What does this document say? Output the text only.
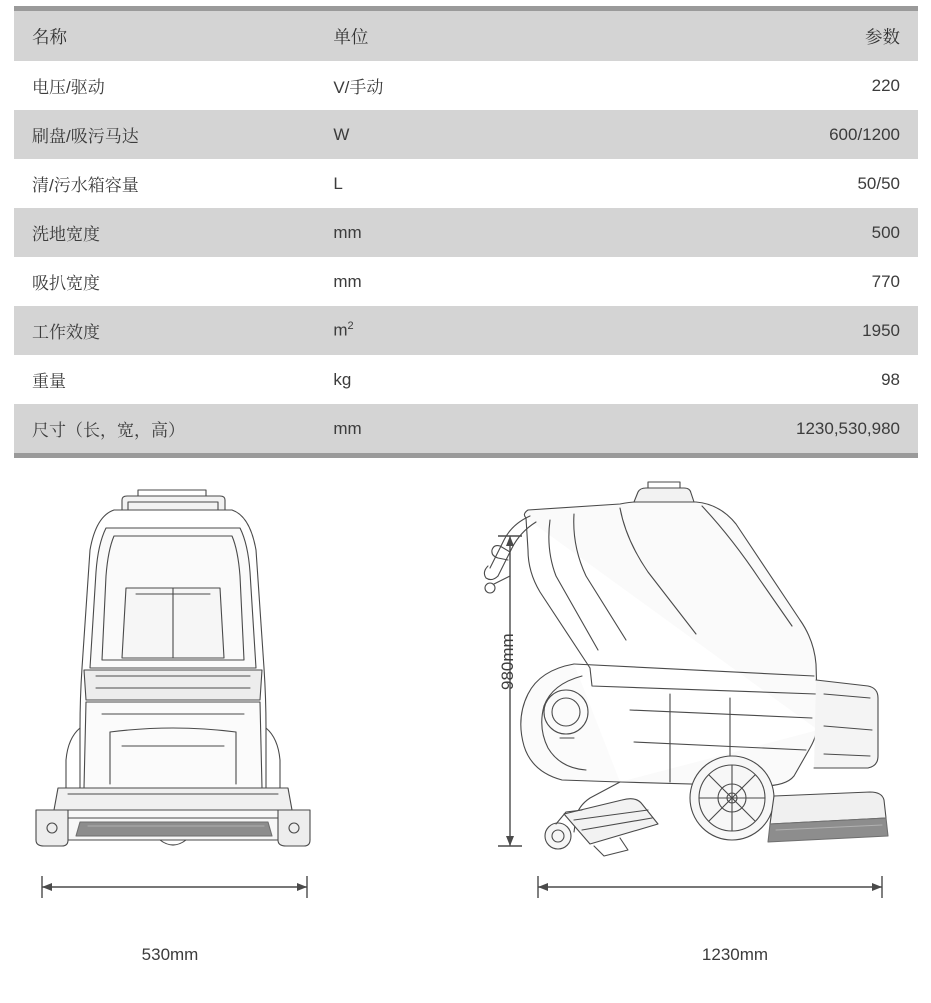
名称	单位	参数
电压/驱动	V/手动	220
刷盘/吸污马达	W	600/1200
清/污水箱容量	L	50/50
洗地宽度	mm	500
吸扒宽度	mm	770
工作效度	$m^2$	1950
重量	kg	98
尺寸（长，宽，高）	mm	1230,530,980

980mm
530mm	1230mm
